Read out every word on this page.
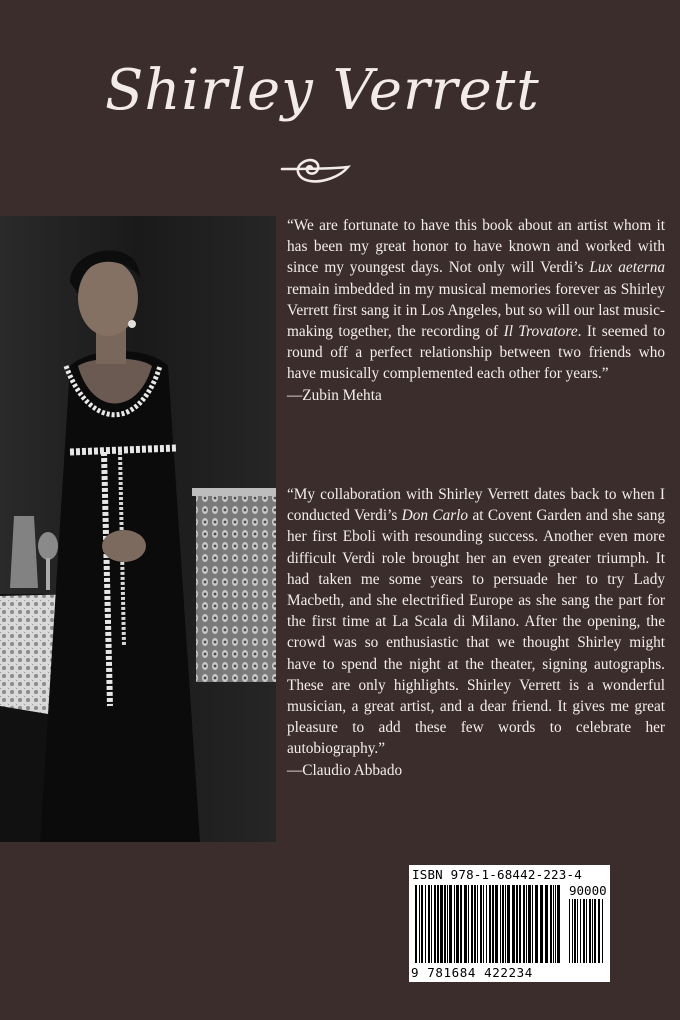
Shirley Verrett

“We are fortunate to have this book about an artist whom it has been my great honor to have known and worked with since my youngest days. Not only will Verdi’s Lux aeterna remain imbedded in my musical memories forever as Shirley Verrett first sang it in Los Angeles, but so will our last music-making together, the recording of Il Trovatore. It seemed to round off a perfect relationship between two friends who have musically complemented each other for years.”

—Zubin Mehta

“My collaboration with Shirley Verrett dates back to when I conducted Verdi’s Don Carlo at Covent Garden and she sang her first Eboli with resounding success. Another even more difficult Verdi role brought her an even greater triumph. It had taken me some years to persuade her to try Lady Macbeth, and she electrified Europe as she sang the part for the first time at La Scala di Milano. After the opening, the crowd was so enthusiastic that we thought Shirley might have to spend the night at the theater, signing autographs. These are only highlights. Shirley Verrett is a wonderful musician, a great artist, and a dear friend. It gives me great pleasure to add these few words to celebrate her autobiography.”

—Claudio Abbado

ISBN 978-1-68442-223-4
90000
9 781684 422234
